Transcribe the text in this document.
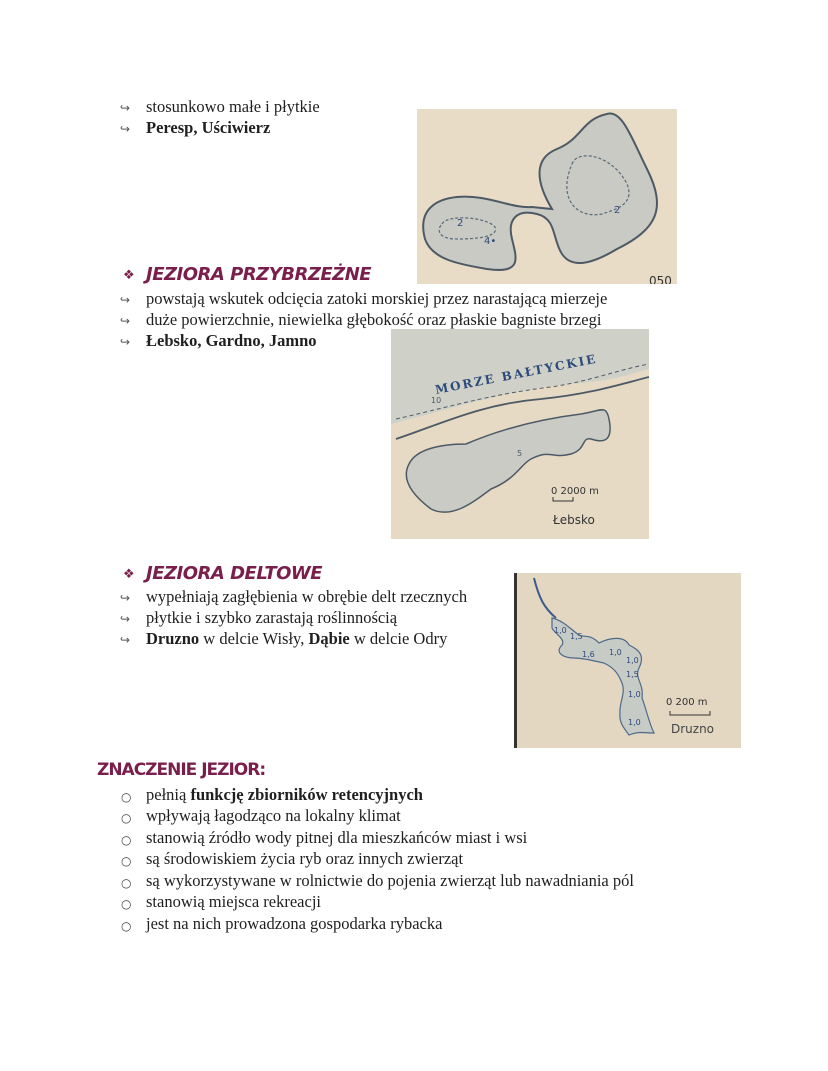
↪ stosunkowo małe i płytkie
↪ Peresp, Uściwierz
2
2
4•
050
❖ JEZIORA PRZYBRZEŻNE
↪ powstają wskutek odcięcia zatoki morskiej przez narastającą mierzeje
↪ duże powierzchnie, niewielka głębokość oraz płaskie bagniste brzegi
↪ Łebsko, Gardno, Jamno
10
MORZE BAŁTYCKIE
5
0 2000 m
Łebsko
❖ JEZIORA DELTOWE
↪ wypełniają zagłębienia w obrębie delt rzecznych
↪ płytkie i szybko zarastają roślinnością
↪ Druzno w delcie Wisły, Dąbie w delcie Odry	1,0
1,5
1,6 1,0
1,0
1,5
1,0
1,0
0 200 m
Druzno
ZNACZENIE JEZIOR:
○ pełnią funkcję zbiorników retencyjnych
○ wpływają łagodząco na lokalny klimat
○ stanowią źródło wody pitnej dla mieszkańców miast i wsi
○ są środowiskiem życia ryb oraz innych zwierząt
○ są wykorzystywane w rolnictwie do pojenia zwierząt lub nawadniania pól
○ stanowią miejsca rekreacji
○ jest na nich prowadzona gospodarka rybacka
